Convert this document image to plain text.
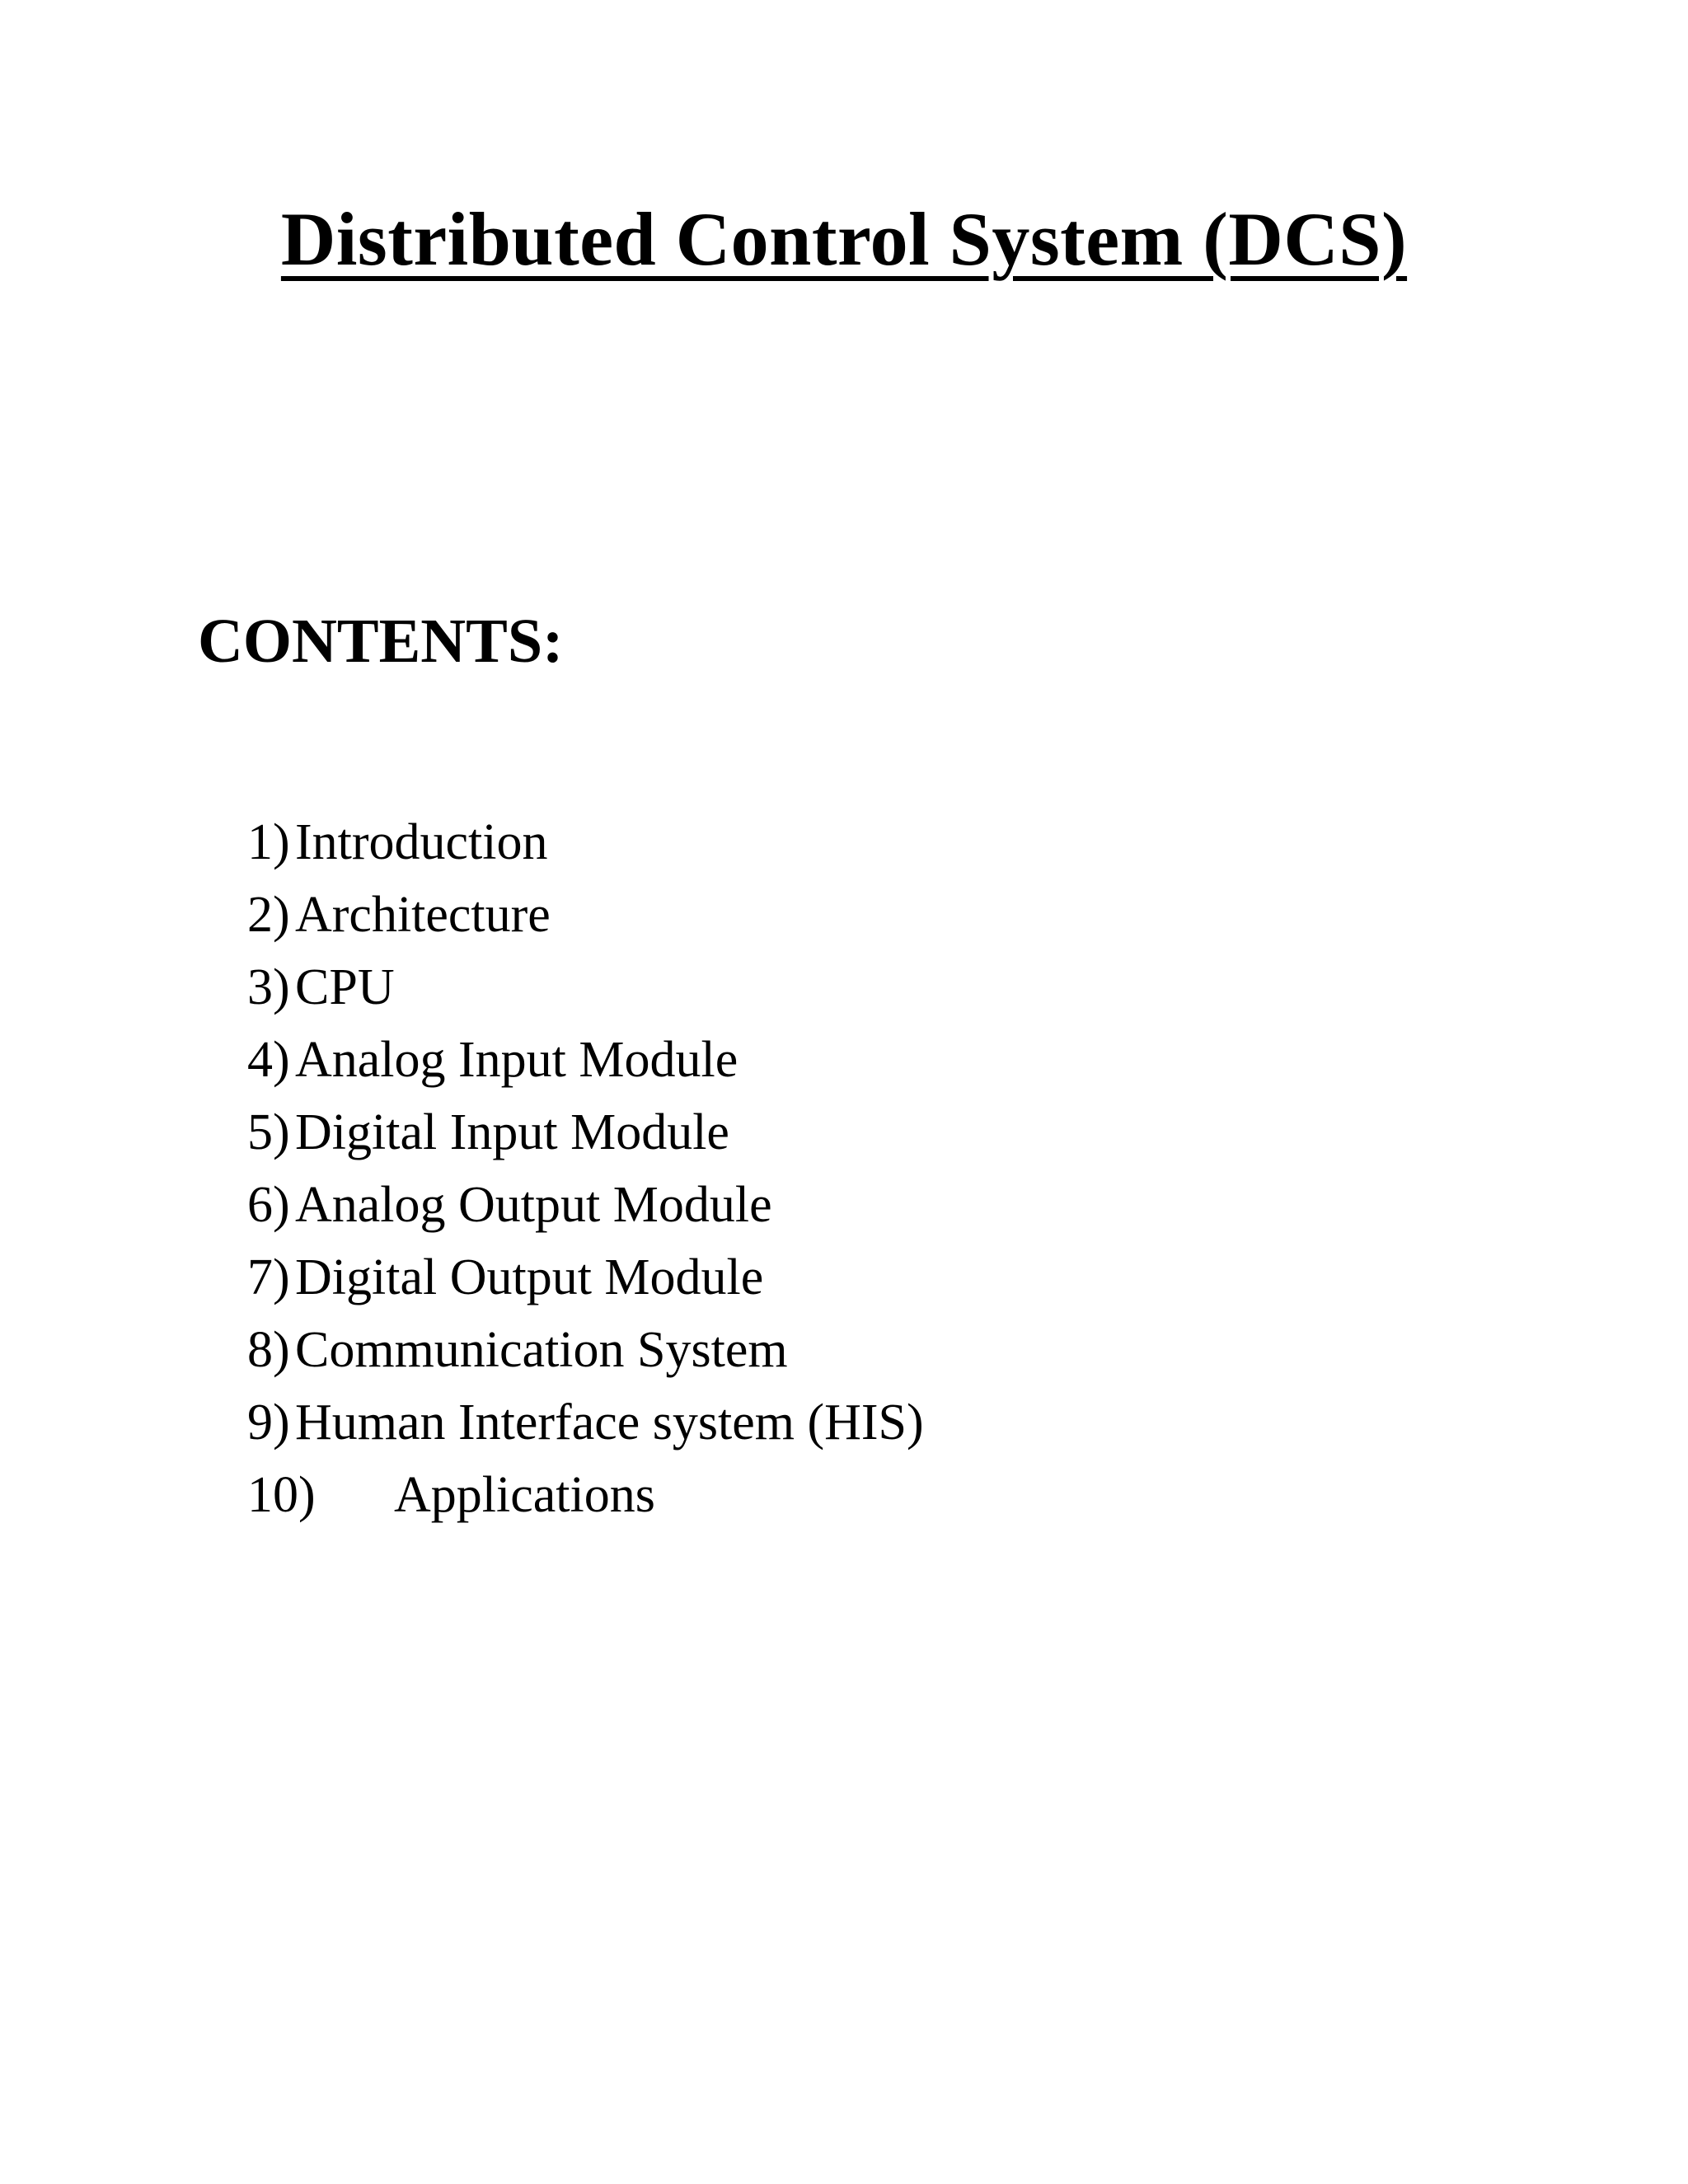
Distributed Control System (DCS)
CONTENTS:
1) Introduction
2) Architecture
3) CPU
4) Analog Input Module
5) Digital Input Module
6) Analog Output Module
7) Digital Output Module
8) Communication System
9) Human Interface system (HIS)
10)	Applications
